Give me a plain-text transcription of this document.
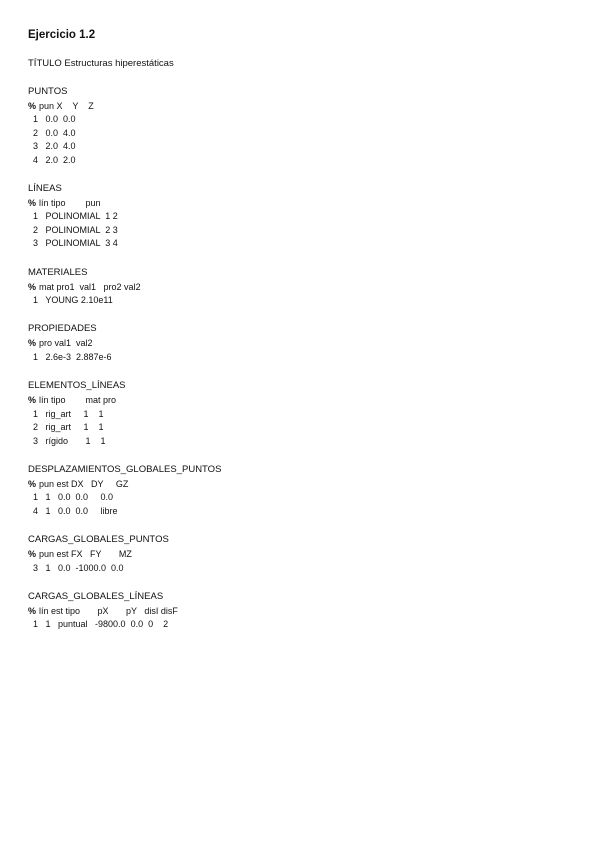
Ejercicio 1.2
TÍTULO Estructuras hiperestáticas
PUNTOS
% pun X    Y    Z
1   0.0  0.0
2   0.0  4.0
3   2.0  4.0
4   2.0  2.0
LÍNEAS
% lín tipo        pun
1   POLINOMIAL  1 2
2   POLINOMIAL  2 3
3   POLINOMIAL  3 4
MATERIALES
% mat pro1  val1   pro2 val2
1   YOUNG 2.10e11
PROPIEDADES
% pro val1  val2
1   2.6e-3  2.887e-6
ELEMENTOS_LÍNEAS
% lín tipo        mat pro
1   rig_art     1    1
2   rig_art     1    1
3   rígido       1    1
DESPLAZAMIENTOS_GLOBALES_PUNTOS
% pun est DX   DY     GZ
1   1   0.0  0.0     0.0
4   1   0.0  0.0     libre
CARGAS_GLOBALES_PUNTOS
% pun est FX   FY       MZ
3   1   0.0  -1000.0  0.0
CARGAS_GLOBALES_LÍNEAS
% lín est tipo       pX       pY   disI disF
1   1   puntual   -9800.0  0.0  0    2
